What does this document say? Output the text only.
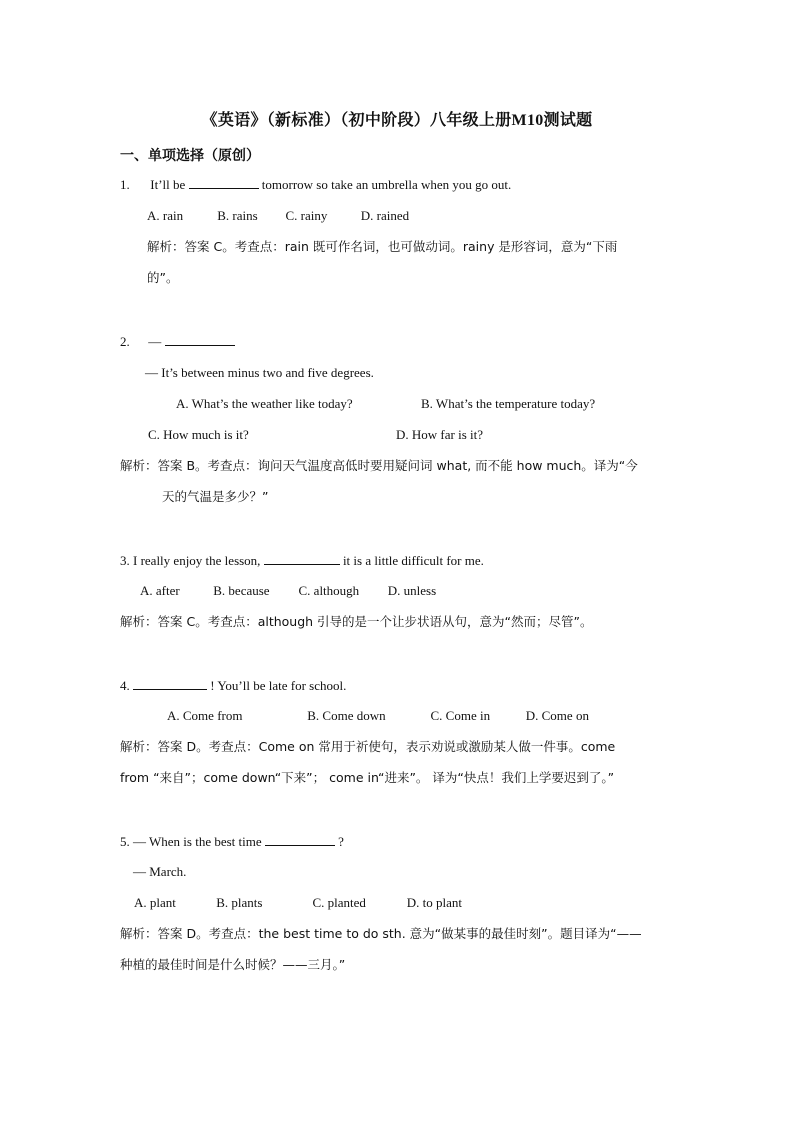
《英语》（新标准）（初中阶段）八年级上册M10测试题
一、单项选择（原创）
1. It’ll be	tomorrow so take an umbrella when you go out.
A. rain	B. rains C. rainy	D. rained
解析：答案 C。考查点：rain 既可作名词，也可做动词。rainy 是形容词，意为“下雨
的”。
2. —
— It’s between minus two and five degrees.
A. What’s the weather like today?	B. What’s the temperature today?
C. How much is it?	D. How far is it?
解析：答案 B。考查点：询问天气温度高低时要用疑问词 what, 而不能 how much。译为“今
天的气温是多少？”
3. I really enjoy the lesson,	it is a little difficult for me.
A. after	B. because C. although D. unless
解析：答案 C。考查点：although 引导的是一个让步状语从句，意为“然而；尽管”。
4.	! You’ll be late for school.
A. Come from	B. Come down	C. Come in	D. Come on
解析：答案 D。考查点：Come on 常用于祈使句，表示劝说或激励某人做一件事。come
from “来自”；come down“下来”； come in“进来”。 译为“快点！我们上学要迟到了。”
5. — When is the best time	?
— March.
A. plant	B. plants	C. planted	D. to plant
解析：答案 D。考查点：the best time to do sth. 意为“做某事的最佳时刻”。题目译为“——
种植的最佳时间是什么时候？——三月。”
